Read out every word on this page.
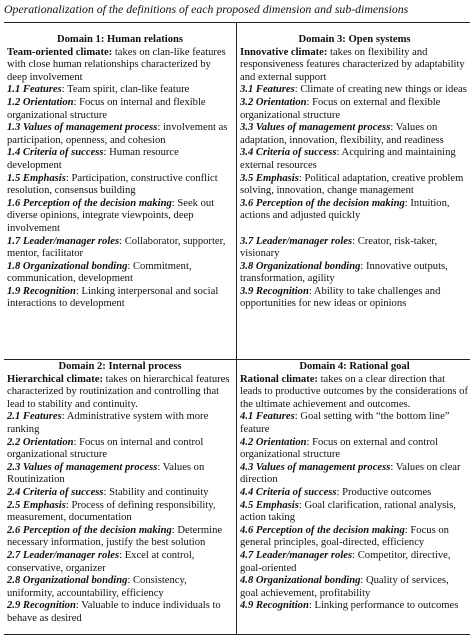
Operationalization of the definitions of each proposed dimension and sub-dimensions
Domain 1: Human relations
Team-oriented climate: takes on clan-like features with close human relationships characterized by deep involvement
1.1 Features: Team spirit, clan-like feature
1.2 Orientation: Focus on internal and flexible organizational structure
1.3 Values of management process: involvement as participation, openness, and cohesion
1.4 Criteria of success: Human resource development
1.5 Emphasis: Participation, constructive conflict resolution, consensus building
1.6 Perception of the decision making: Seek out diverse opinions, integrate viewpoints, deep involvement
1.7 Leader/manager roles: Collaborator, supporter, mentor, facilitator
1.8 Organizational bonding: Commitment, communication, development
1.9 Recognition: Linking interpersonal and social interactions to development
Domain 3: Open systems
Innovative climate: takes on flexibility and responsiveness features characterized by adaptability and external support
3.1 Features: Climate of creating new things or ideas
3.2 Orientation: Focus on external and flexible organizational structure
3.3 Values of management process: Values on adaptation, innovation, flexibility, and readiness
3.4 Criteria of success: Acquiring and maintaining external resources
3.5 Emphasis: Political adaptation, creative problem solving, innovation, change management
3.6 Perception of the decision making: Intuition, actions and adjusted quickly
3.7 Leader/manager roles: Creator, risk-taker, visionary
3.8 Organizational bonding: Innovative outputs, transformation, agility
3.9 Recognition: Ability to take challenges and opportunities for new ideas or opinions
Domain 2: Internal process
Hierarchical climate: takes on hierarchical features characterized by routinization and controlling that lead to stability and continuity.
2.1 Features: Administrative system with more ranking
2.2 Orientation: Focus on internal and control organizational structure
2.3 Values of management process: Values on Routinization
2.4 Criteria of success: Stability and continuity
2.5 Emphasis: Process of defining responsibility, measurement, documentation
2.6 Perception of the decision making: Determine necessary information, justify the best solution
2.7 Leader/manager roles: Excel at control, conservative, organizer
2.8 Organizational bonding: Consistency, uniformity, accountability, efficiency
2.9 Recognition: Valuable to induce individuals to behave as desired
Domain 4: Rational goal
Rational climate: takes on a clear direction that leads to productive outcomes by the considerations of the ultimate achievement and outcomes.
4.1 Features: Goal setting with “the bottom line” feature
4.2 Orientation: Focus on external and control organizational structure
4.3 Values of management process: Values on clear direction
4.4 Criteria of success: Productive outcomes
4.5 Emphasis: Goal clarification, rational analysis, action taking
4.6 Perception of the decision making: Focus on general principles, goal-directed, efficiency
4.7 Leader/manager roles: Competitor, directive, goal-oriented
4.8 Organizational bonding: Quality of services, goal achievement, profitability
4.9 Recognition: Linking performance to outcomes
